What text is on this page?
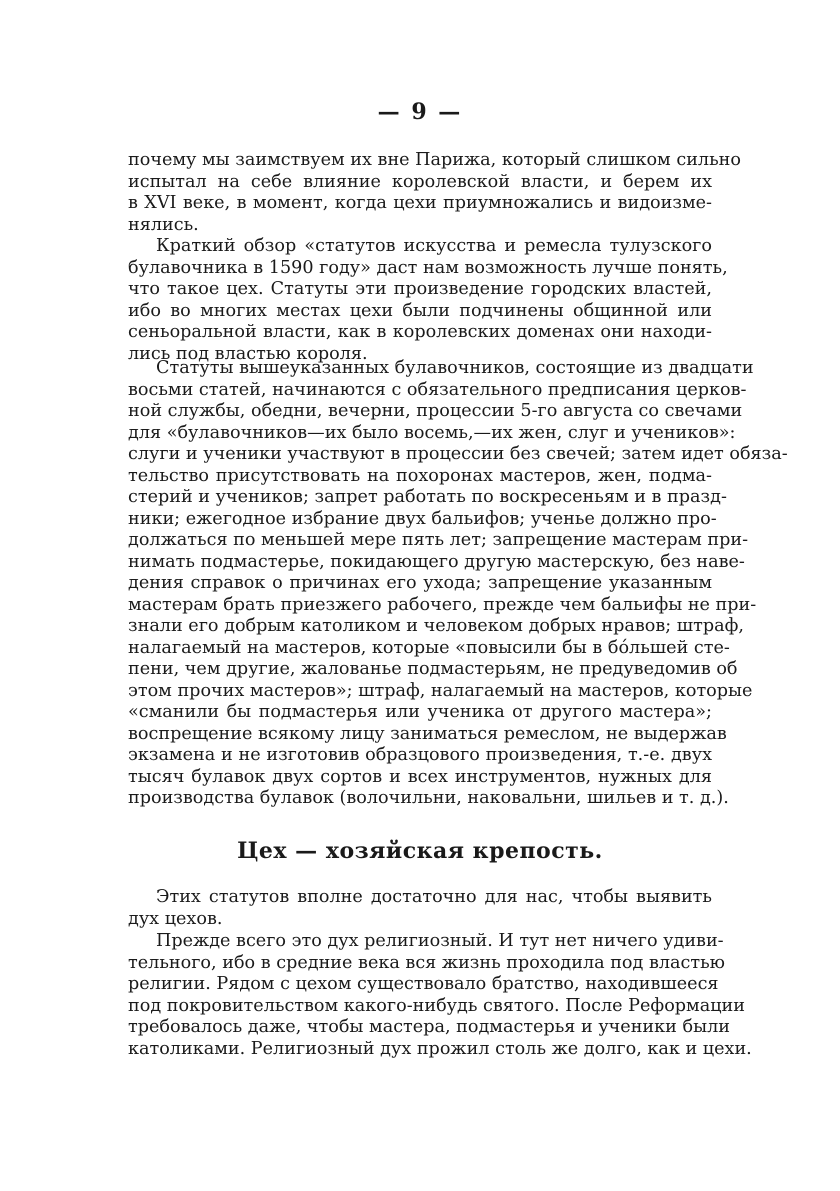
— 9 —
почему мы заимствуем их вне Парижа, который слишком сильно
испытал на себе влияние королевской власти, и берем их
в XVI веке, в момент, когда цехи приумножались и видоизме-
нялись.
Краткий обзор «статутов искусства и ремесла тулузского
булавочника в 1590 году» даст нам возможность лучше понять,
что такое цех. Статуты эти произведение городских властей,
ибо во многих местах цехи были подчинены общинной или
сеньоральной власти, как в королевских доменах они находи-
лись под властью короля.
Статуты вышеуказанных булавочников, состоящие из двадцати
восьми статей, начинаются с обязательного предписания церков-
ной службы, обедни, вечерни, процессии 5-го августа со свечами
для «булавочников—их было восемь,—их жен, слуг и учеников»:
слуги и ученики участвуют в процессии без свечей; затем идет обяза-
тельство присутствовать на похоронах мастеров, жен, подма-
стерий и учеников; запрет работать по воскресеньям и в празд-
ники; ежегодное избрание двух бальифов; ученье должно про-
должаться по меньшей мере пять лет; запрещение мастерам при-
нимать подмастерье, покидающего другую мастерскую, без наве-
дения справок о причинах его ухода; запрещение указанным
мастерам брать приезжего рабочего, прежде чем бальифы не при-
знали его добрым католиком и человеком добрых нравов; штраф,
налагаемый на мастеров, которые «повысили бы в бо́льшей сте-
пени, чем другие, жалованье подмастерьям, не предуведомив об
этом прочих мастеров»; штраф, налагаемый на мастеров, которые
«сманили бы подмастерья или ученика от другого мастера»;
воспрещение всякому лицу заниматься ремеслом, не выдержав
экзамена и не изготовив образцового произведения, т.-е. двух
тысяч булавок двух сортов и всех инструментов, нужных для
производства булавок (волочильни, наковальни, шильев и т. д.).
Цех — хозяйская крепость.
Этих статутов вполне достаточно для нас, чтобы выявить
дух цехов.
Прежде всего это дух религиозный. И тут нет ничего удиви-
тельного, ибо в средние века вся жизнь проходила под властью
религии. Рядом с цехом существовало братство, находившееся
под покровительством какого-нибудь святого. После Реформации
требовалось даже, чтобы мастера, подмастерья и ученики были
католиками. Религиозный дух прожил столь же долго, как и цехи.
